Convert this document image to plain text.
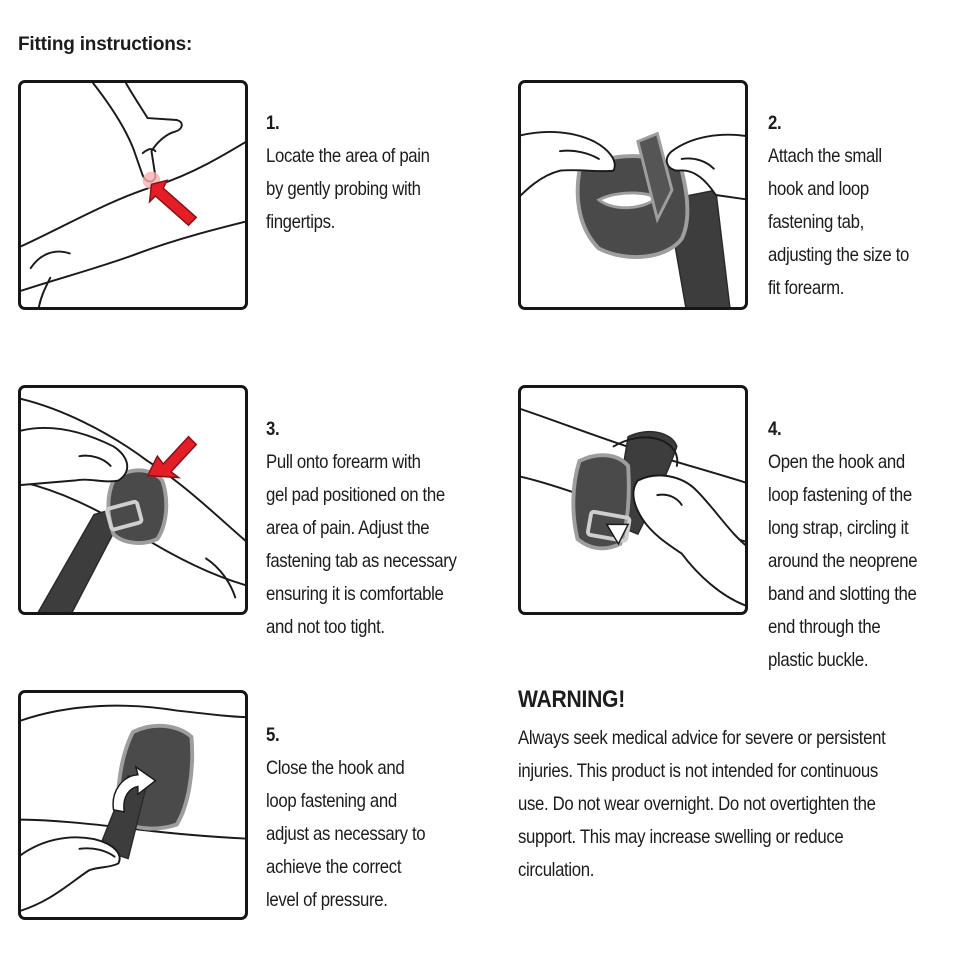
Fitting instructions:

1.
Locate the area of pain
by gently probing with
fingertips.

2.
Attach the small
hook and loop
fastening tab,
adjusting the size to
fit forearm.

3.
Pull onto forearm with
gel pad positioned on the
area of pain. Adjust the
fastening tab as necessary
ensuring it is comfortable
and not too tight.

4.
Open the hook and
loop fastening of the
long strap, circling it
around the neoprene
band and slotting the
end through the
plastic buckle.

5.
Close the hook and
loop fastening and
adjust as necessary to
achieve the correct
level of pressure.

WARNING!
Always seek medical advice for severe or persistent
injuries. This product is not intended for continuous
use. Do not wear overnight. Do not overtighten the
support. This may increase swelling or reduce
circulation.
